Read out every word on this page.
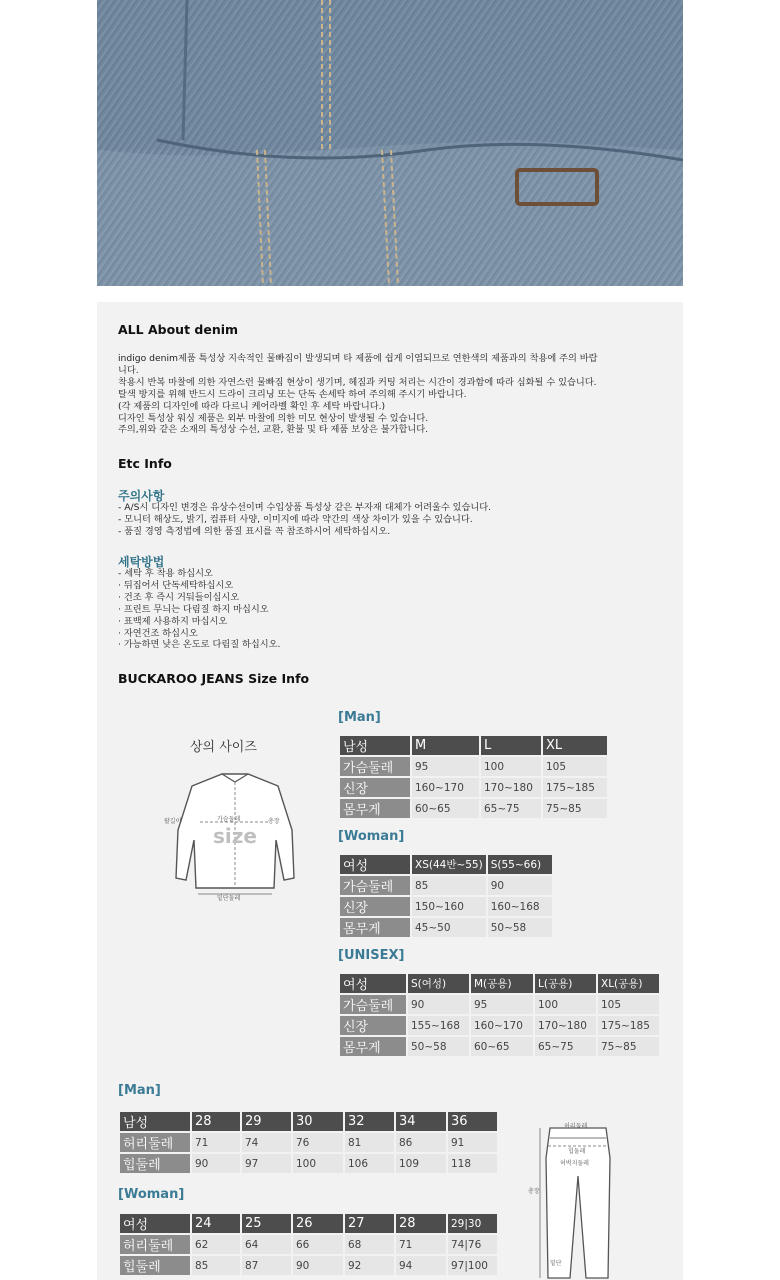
ALL About denim
indigo denim제품 특성상 지속적인 물빠짐이 발생되며 타 제품에 쉽게 이염되므로 연한색의 제품과의 착용에 주의 바랍
니다.
착용시 반복 마찰에 의한 자연스런 물빠짐 현상이 생기며, 헤짐과 커팅 처리는 시간이 경과함에 따라 심화될 수 있습니다.
탈색 방지를 위해 반드시 드라이 크리닝 또는 단독 손세탁 하여 주의해 주시기 바랍니다.
(각 제품의 디자인에 따라 다르니 케어라벨 확인 후 세탁 바랍니다.)
디자인 특성상 워싱 제품은 외부 마찰에 의한 미모 현상이 발생될 수 있습니다.
주의,위와 같은 소재의 특성상 수선, 교환, 환불 및 타 제품 보상은 불가합니다.
Etc Info
주의사항
- A/S시 디자인 변경은 유상수선이며 수입상품 특성상 같은 부자재 대체가 어려울수 있습니다.
- 모니터 해상도, 밝기, 컴퓨터 사양, 이미지에 따라 약간의 색상 차이가 있을 수 있습니다.
- 품질 경영 측정법에 의한 품질 표시를 꼭 참조하시어 세탁하십시오.
세탁방법
- 세탁 후 착용 하십시오
· 뒤집어서 단독세탁하십시오
· 건조 후 즉시 거둬들이십시오
· 프린트 무늬는 다림질 하지 마십시오
· 표백제 사용하지 마십시오
· 자연건조 하십시오
· 가능하면 낮은 온도로 다림질 하십시오.
BUCKAROO JEANS Size Info
상의 사이즈
size
가슴둘레
팔길이	총장
밑단둘레
[Man]
남성	M	L	XL
가슴둘레	95	100	105
신장	160~170	170~180	175~185
몸무게	60~65	65~75	75~85
[Woman]
여성	XS(44반~55)	S(55~66)
가슴둘레	85	90
신장	150~160	160~168
몸무게	45~50	50~58
[UNISEX]
여성	S(여성)	M(공용)	L(공용)	XL(공용)
가슴둘레	90	95	100	105
신장	155~168	160~170	170~180	175~185
몸무게	50~58	60~65	65~75	75~85
[Man]
남성	28	29	30	32	34	36
허리둘레	71	74	76	81	86	91
힙둘레	90	97	100	106	109	118
[Woman]
여성	24	25	26	27	28	29|30
허리둘레	62	64	66	68	71	74|76
힙둘레	85	87	90	92	94	97|100
허리둘레
힙둘레
허벅지둘레
총장
밑단
